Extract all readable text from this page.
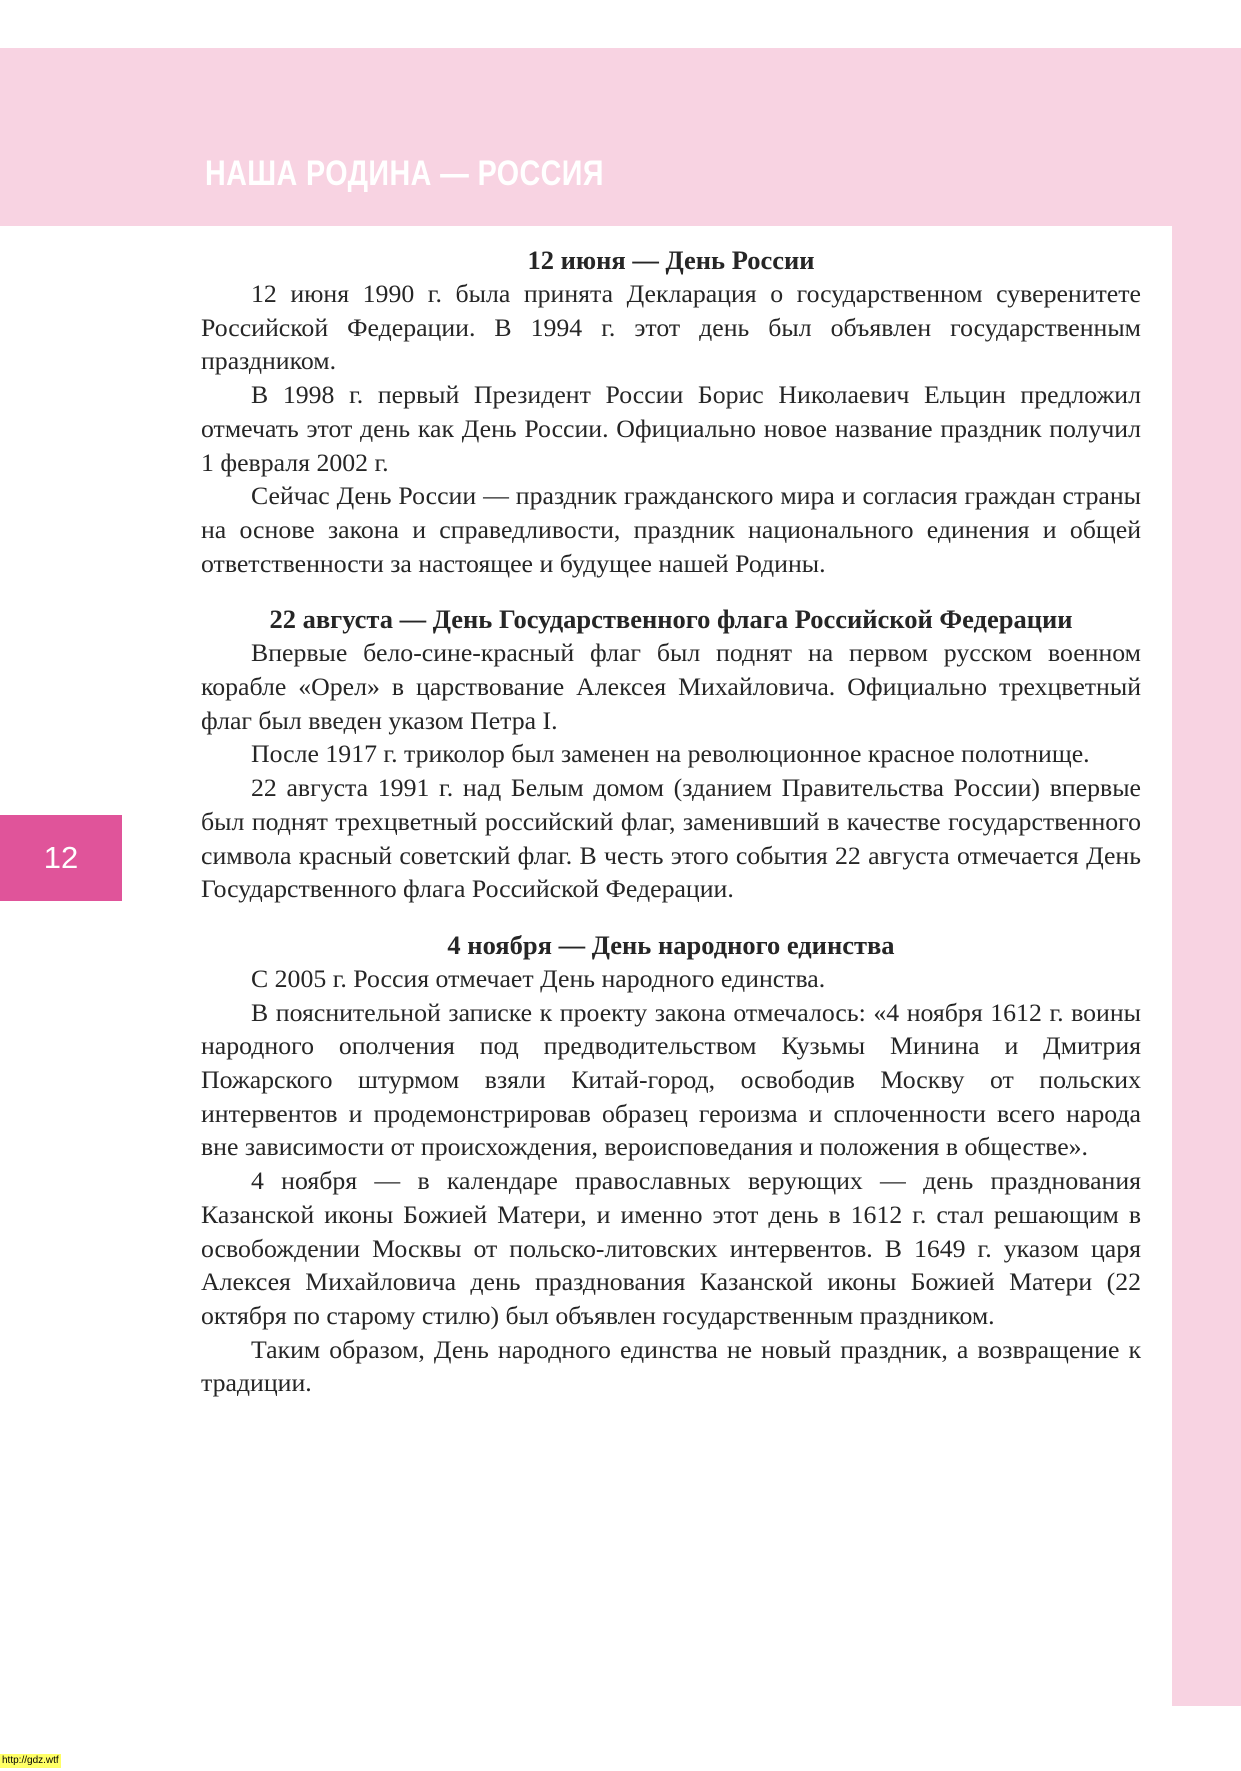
НАША РОДИНА — РОССИЯ
12
12 июня — День России

12 июня 1990 г. была принята Декларация о государственном суверенитете Российской Федерации. В 1994 г. этот день был объявлен государственным праздником.

В 1998 г. первый Президент России Борис Николаевич Ельцин предложил отмечать этот день как День России. Официально новое название праздник получил 1 февраля 2002 г.

Сейчас День России — праздник гражданского мира и согласия граждан страны на основе закона и справедливости, праздник национального единения и общей ответственности за настоящее и будущее нашей Родины.

22 августа — День Государственного флага Российской Федерации

Впервые бело-сине-красный флаг был поднят на первом русском военном корабле «Орел» в царствование Алексея Михайловича. Официально трехцветный флаг был введен указом Петра I.

После 1917 г. триколор был заменен на революционное красное полотнище.

22 августа 1991 г. над Белым домом (зданием Правительства России) впервые был поднят трехцветный российский флаг, заменивший в качестве государственного символа красный советский флаг. В честь этого события 22 августа отмечается День Государственного флага Российской Федерации.

4 ноября — День народного единства

С 2005 г. Россия отмечает День народного единства.

В пояснительной записке к проекту закона отмечалось: «4 ноября 1612 г. воины народного ополчения под предводительством Кузьмы Минина и Дмитрия Пожарского штурмом взяли Китай-город, освободив Москву от польских интервентов и продемонстрировав образец героизма и сплоченности всего народа вне зависимости от происхождения, вероисповедания и положения в обществе».

4 ноября — в календаре православных верующих — день празднования Казанской иконы Божией Матери, и именно этот день в 1612 г. стал решающим в освобождении Москвы от польско-литовских интервентов. В 1649 г. указом царя Алексея Михайловича день празднования Казанской иконы Божией Матери (22 октября по старому стилю) был объявлен государственным праздником.

Таким образом, День народного единства не новый праздник, а возвращение к традиции.

http://gdz.wtf
